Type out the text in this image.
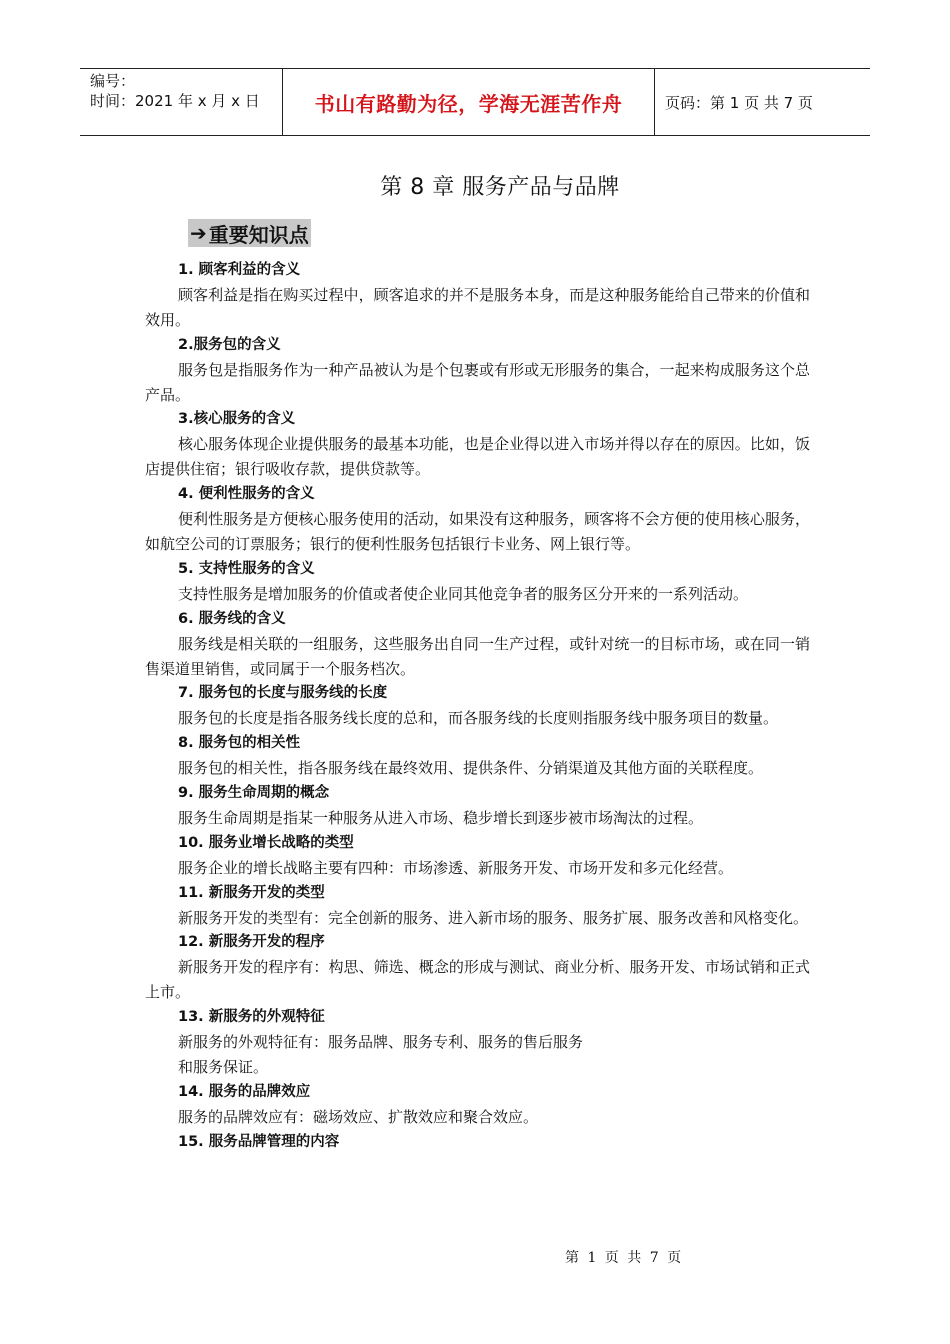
编号：
时间：2021 年 x 月 x 日	书山有路勤为径，学海无涯苦作舟	页码：第 1 页 共 7 页
第 8 章 服务产品与品牌
➔ 重要知识点
1. 顾客利益的含义
顾客利益是指在购买过程中，顾客追求的并不是服务本身，而是这种服务能给自己带来的价值和效用。
2.服务包的含义
服务包是指服务作为一种产品被认为是个包裹或有形或无形服务的集合，一起来构成服务这个总产品。
3.核心服务的含义
核心服务体现企业提供服务的最基本功能，也是企业得以进入市场并得以存在的原因。比如，饭店提供住宿；银行吸收存款，提供贷款等。
4. 便利性服务的含义
便利性服务是方便核心服务使用的活动，如果没有这种服务，顾客将不会方便的使用核心服务，如航空公司的订票服务；银行的便利性服务包括银行卡业务、网上银行等。
5. 支持性服务的含义
支持性服务是增加服务的价值或者使企业同其他竞争者的服务区分开来的一系列活动。
6. 服务线的含义
服务线是相关联的一组服务，这些服务出自同一生产过程，或针对统一的目标市场，或在同一销售渠道里销售，或同属于一个服务档次。
7. 服务包的长度与服务线的长度
服务包的长度是指各服务线长度的总和，而各服务线的长度则指服务线中服务项目的数量。
8. 服务包的相关性
服务包的相关性，指各服务线在最终效用、提供条件、分销渠道及其他方面的关联程度。
9. 服务生命周期的概念
服务生命周期是指某一种服务从进入市场、稳步增长到逐步被市场淘汰的过程。
10. 服务业增长战略的类型
服务企业的增长战略主要有四种：市场渗透、新服务开发、市场开发和多元化经营。
11. 新服务开发的类型
新服务开发的类型有：完全创新的服务、进入新市场的服务、服务扩展、服务改善和风格变化。
12. 新服务开发的程序
新服务开发的程序有：构思、筛选、概念的形成与测试、商业分析、服务开发、市场试销和正式上市。
13. 新服务的外观特征
新服务的外观特征有：服务品牌、服务专利、服务的售后服务
和服务保证。
14. 服务的品牌效应
服务的品牌效应有：磁场效应、扩散效应和聚合效应。
15. 服务品牌管理的内容
第 1 页 共 7 页
